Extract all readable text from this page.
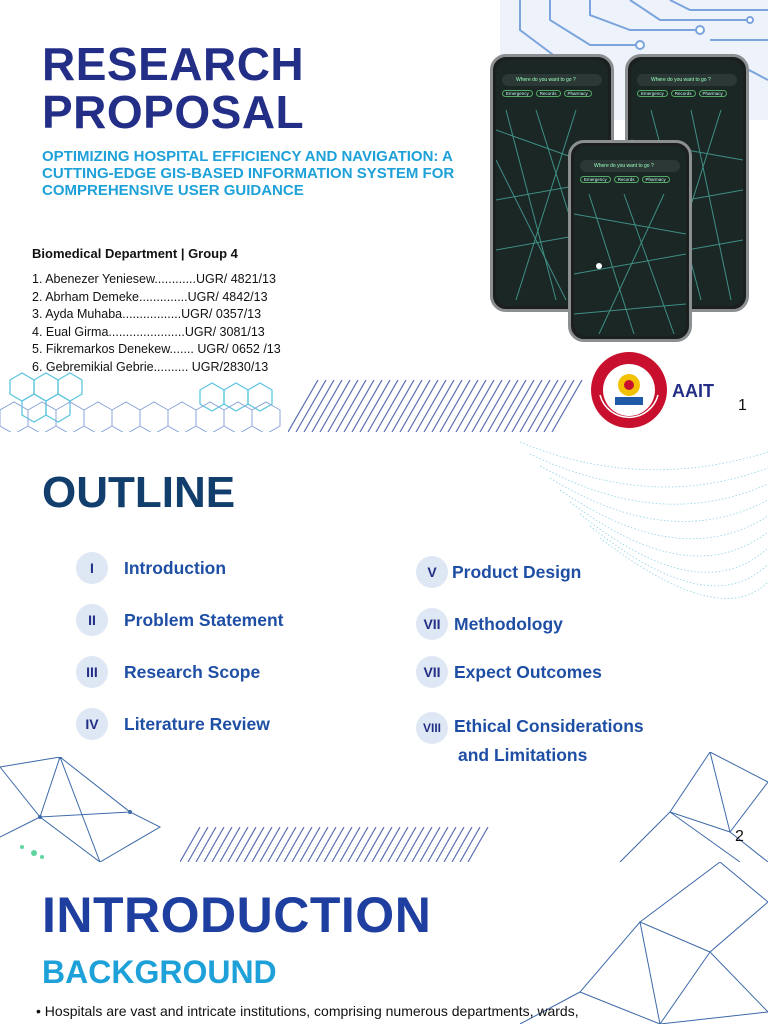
RESEARCH
PROPOSAL

OPTIMIZING HOSPITAL EFFICIENCY AND NAVIGATION: A CUTTING-EDGE GIS-BASED INFORMATION SYSTEM FOR COMPREHENSIVE USER GUIDANCE

Biomedical Department | Group 4
1. Abenezer Yeniesew............UGR/ 4821/13
2. Abrham Demeke..............UGR/ 4842/13
3. Ayda Muhaba.................UGR/ 0357/13
4. Eual Girma......................UGR/ 3081/13
5. Fikremarkos Denekew....... UGR/ 0652 /13
6. Gebremikial Gebrie.......... UGR/2830/13
Where do you want to go ?
Emergency Records Pharmacy
Where do you want to go ?
Emergency Records Pharmacy
Where do you want to go ?
Emergency Records Pharmacy
AAIT
1
OUTLINE
I	Introduction
II	Problem Statement
III	Research Scope
IV	Literature Review
V Product Design
VII Methodology
VII Expect Outcomes
VIII Ethical Considerations
and Limitations
2
INTRODUCTION
BACKGROUND
• Hospitals are vast and intricate institutions, comprising numerous departments, wards,
